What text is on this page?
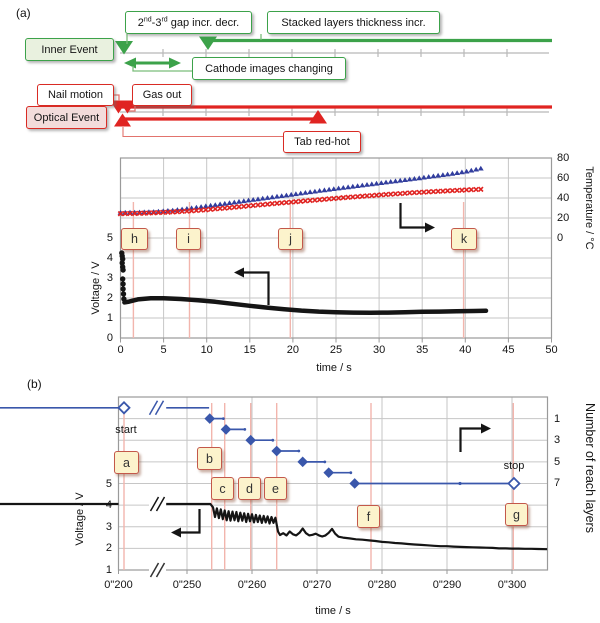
0	5	10	15	20	25	30	35	40	45	50
0
1
2
3
4
5	0
20
40
60
80
0"200	0"250	0"260	0"270	0"280	0"290	0"300
1
2
3
4
5
1
3
5
7
(a)
(b)
2nd-3rd gap incr. decr.	Stacked layers thickness incr.
Inner Event
Cathode images changing
Nail motion	Gas out
Optical Event
Tab red-hot
h	i	j	k
a	b
c	d	e
f	g
start
stop
Voltage / V
Temperature / °C
time / s
Voltage / V	Number of reach layers
time / s
